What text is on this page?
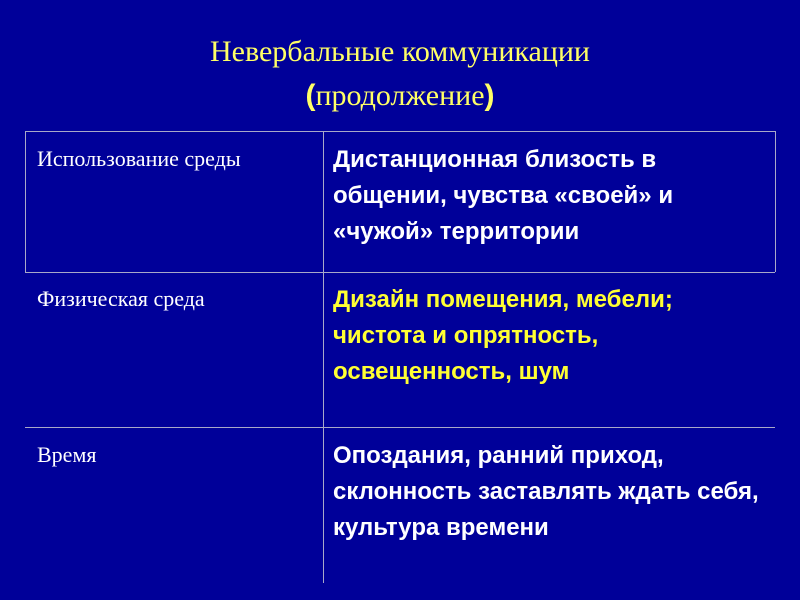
Невербальные коммуникации
(продолжение)
Использование среды	Дистанционная близость в общении, чувства «своей» и «чужой» территории
Физическая среда	Дизайн помещения, мебели; чистота и опрятность, освещенность, шум
Время	Опоздания, ранний приход, склонность заставлять ждать себя, культура времени
